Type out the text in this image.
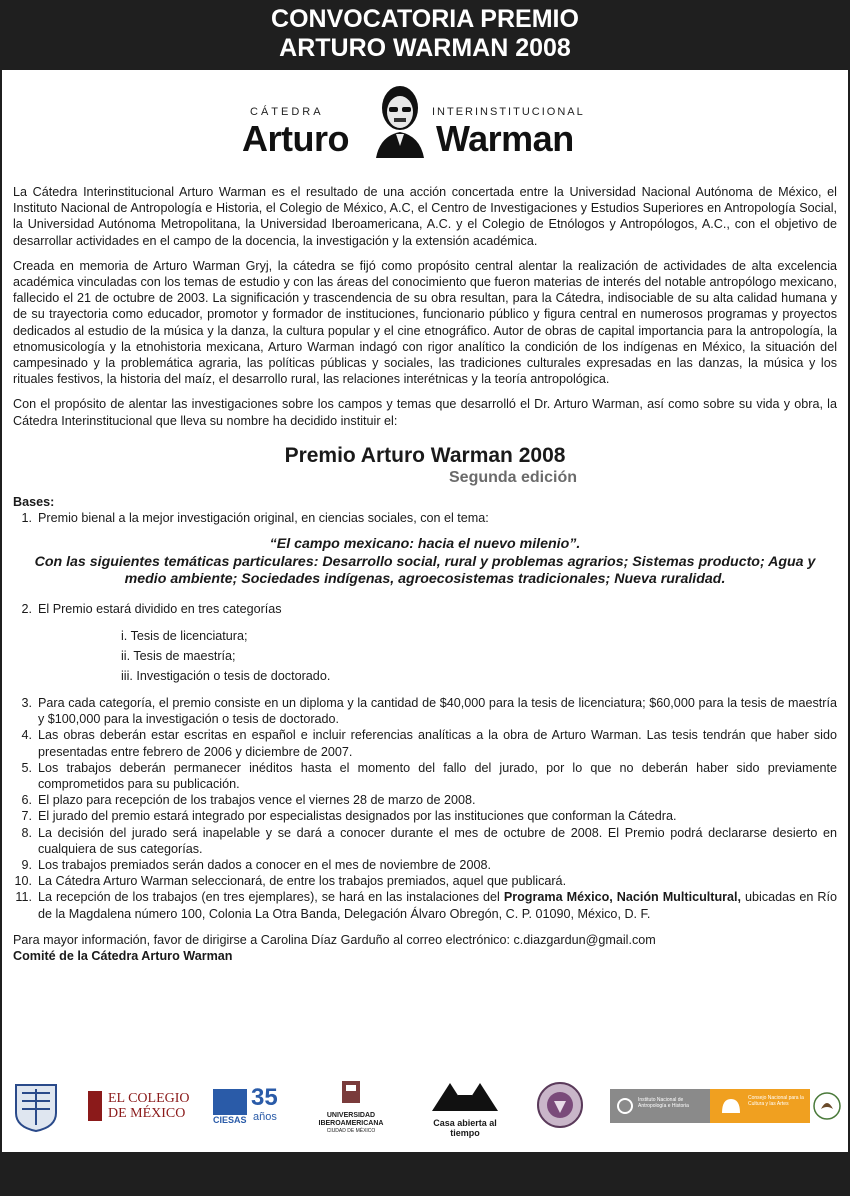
CONVOCATORIA PREMIO
ARTURO WARMAN 2008
CÁTEDRA	INTERINSTITUCIONAL
Arturo Warman

La Cátedra Interinstitucional Arturo Warman es el resultado de una acción concertada entre la Universidad Nacional Autónoma de México, el Instituto Nacional de Antropología e Historia, el Colegio de México, A.C, el Centro de Investigaciones y Estudios Superiores en Antropología Social, la Universidad Autónoma Metropolitana, la Universidad Iberoamericana, A.C. y el Colegio de Etnólogos y Antropólogos, A.C., con el objetivo de desarrollar actividades en el campo de la docencia, la investigación y la extensión académica.

Creada en memoria de Arturo Warman Gryj, la cátedra se fijó como propósito central alentar la realización de actividades de alta excelencia académica vinculadas con los temas de estudio y con las áreas del conocimiento que fueron materias de interés del notable antropólogo mexicano, fallecido el 21 de octubre de 2003. La significación y trascendencia de su obra resultan, para la Cátedra, indisociable de su alta calidad humana y de su trayectoria como educador, promotor y formador de instituciones, funcionario público y figura central en numerosos programas y proyectos dedicados al estudio de la música y la danza, la cultura popular y el cine etnográfico. Autor de obras de capital importancia para la antropología, la etnomusicología y la etnohistoria mexicana, Arturo Warman indagó con rigor analítico la condición de los indígenas en México, la situación del campesinado y la problemática agraria, las políticas públicas y sociales, las tradiciones culturales expresadas en las danzas, la música y los rituales festivos, la historia del maíz, el desarrollo rural, las relaciones interétnicas y la teoría antropológica.

Con el propósito de alentar las investigaciones sobre los campos y temas que desarrolló el Dr. Arturo Warman, así como sobre su vida y obra, la Cátedra Interinstitucional que lleva su nombre ha decidido instituir el:

Premio Arturo Warman 2008
Segunda edición
Bases:
1. Premio bienal a la mejor investigación original, en ciencias sociales, con el tema:
“El campo mexicano: hacia el nuevo milenio”.
Con las siguientes temáticas particulares: Desarrollo social, rural y problemas agrarios; Sistemas producto; Agua y medio ambiente; Sociedades indígenas, agroecosistemas tradicionales; Nueva ruralidad.
2. El Premio estará dividido en tres categorías
i. Tesis de licenciatura;
ii. Tesis de maestría;
iii. Investigación o tesis de doctorado.
3. Para cada categoría, el premio consiste en un diploma y la cantidad de $40,000 para la tesis de licenciatura; $60,000 para la tesis de maestría y $100,000 para la investigación o tesis de doctorado.
4. Las obras deberán estar escritas en español e incluir referencias analíticas a la obra de Arturo Warman. Las tesis tendrán que haber sido presentadas entre febrero de 2006 y diciembre de 2007.
5. Los trabajos deberán permanecer inéditos hasta el momento del fallo del jurado, por lo que no deberán haber sido previamente comprometidos para su publicación.
6. El plazo para recepción de los trabajos vence el viernes 28 de marzo de 2008.
7. El jurado del premio estará integrado por especialistas designados por las instituciones que conforman la Cátedra.
8. La decisión del jurado será inapelable y se dará a conocer durante el mes de octubre de 2008. El Premio podrá declararse desierto en cualquiera de sus categorías.
9. Los trabajos premiados serán dados a conocer en el mes de noviembre de 2008.
10. La Cátedra Arturo Warman seleccionará, de entre los trabajos premiados, aquel que publicará.
11. La recepción de los trabajos (en tres ejemplares), se hará en las instalaciones del Programa México, Nación Multicultural, ubicadas en Río de la Magdalena número 100, Colonia La Otra Banda, Delegación Álvaro Obregón, C. P. 01090, México, D. F.
Para mayor información, favor de dirigirse a Carolina Díaz Garduño al correo electrónico: c.diazgardun@gmail.com
Comité de la Cátedra Arturo Warman
EL COLEGIO
DE MÉXICO	CIESAS
35
años	UNIVERSIDAD
IBEROAMERICANA
CIUDAD DE MÉXICO
Casa abierta al tiempo
Instituto Nacional de Antropología e Historia
Consejo Nacional para la Cultura y las Artes
